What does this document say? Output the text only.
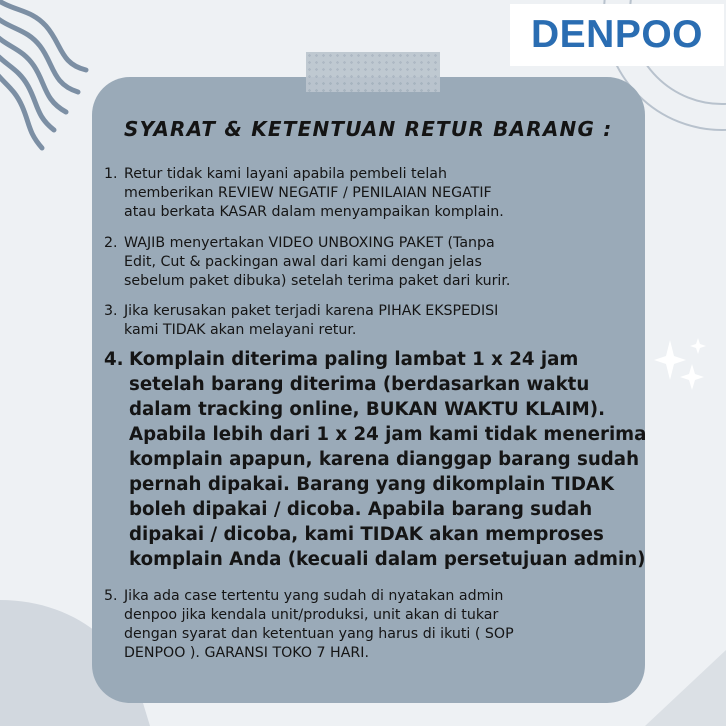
DENPOO
SYARAT & KETENTUAN RETUR BARANG :
1. Retur tidak kami layani apabila pembeli telah
memberikan REVIEW NEGATIF / PENILAIAN NEGATIF
atau berkata KASAR dalam menyampaikan komplain.
2. WAJIB menyertakan VIDEO UNBOXING PAKET (Tanpa
Edit, Cut & packingan awal dari kami dengan jelas
sebelum paket dibuka) setelah terima paket dari kurir.
3. Jika kerusakan paket terjadi karena PIHAK EKSPEDISI
kami TIDAK akan melayani retur.
4. Komplain diterima paling lambat 1 x 24 jam
setelah barang diterima (berdasarkan waktu
dalam tracking online, BUKAN WAKTU KLAIM).
Apabila lebih dari 1 x 24 jam kami tidak menerima
komplain apapun, karena dianggap barang sudah
pernah dipakai. Barang yang dikomplain TIDAK
boleh dipakai / dicoba. Apabila barang sudah
dipakai / dicoba, kami TIDAK akan memproses
komplain Anda (kecuali dalam persetujuan admin)
5. Jika ada case tertentu yang sudah di nyatakan admin
denpoo jika kendala unit/produksi, unit akan di tukar
dengan syarat dan ketentuan yang harus di ikuti ( SOP
DENPOO ). GARANSI TOKO 7 HARI.
